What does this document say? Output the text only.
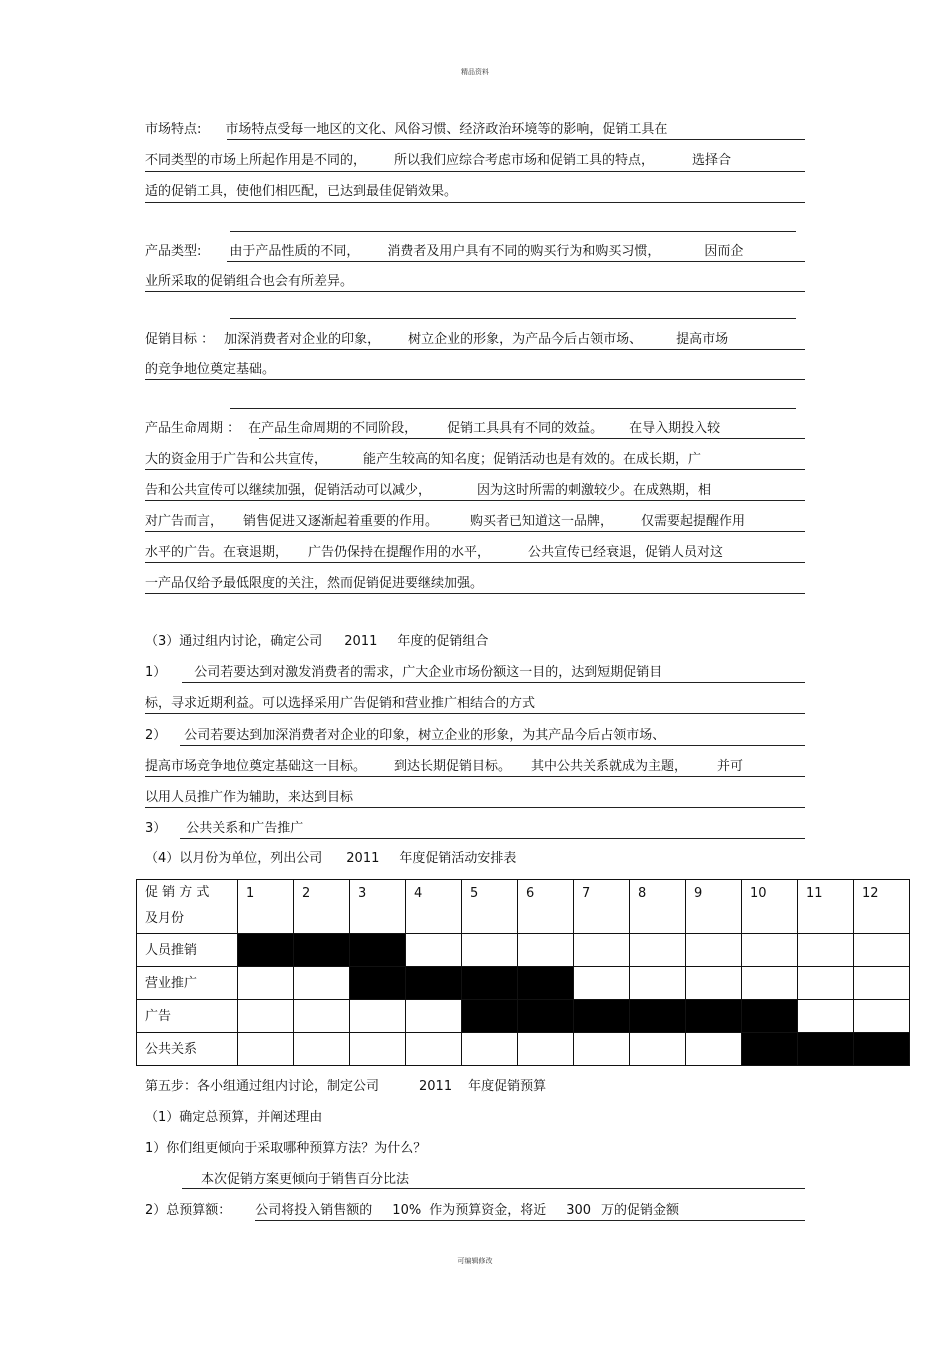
精品资料
市场特点: 市场特点受每一地区的文化、风俗习惯、经济政治环境等的影响，促销工具在
不同类型的市场上所起作用是不同的， 所以我们应综合考虑市场和促销工具的特点，	选择合
适的促销工具，使他们相匹配，已达到最佳促销效果。
产品类型: 由于产品性质的不同， 消费者及用户具有不同的购买行为和购买习惯，	因而企
业所采取的促销组合也会有所差异。
促销目标 ： 加深消费者对企业的印象， 树立企业的形象，为产品今后占领市场、	提高市场
的竞争地位奠定基础。
产品生命周期 ： 在产品生命周期的不同阶段， 促销工具具有不同的效益。 在导入期投入较
大的资金用于广告和公共宣传，	能产生较高的知名度；促销活动也是有效的。在成长期，广
告和公共宣传可以继续加强，促销活动可以减少，	因为这时所需的刺激较少。在成熟期，相
对广告而言， 销售促进又逐渐起着重要的作用。 购买者已知道这一品牌， 仅需要起提醒作用
水平的广告。在衰退期， 广告仍保持在提醒作用的水平，	公共宣传已经衰退，促销人员对这
一产品仅给予最低限度的关注，然而促销促进要继续加强。
（3）通过组内讨论，确定公司 2011 年度的促销组合
1） 公司若要达到对激发消费者的需求，广大企业市场份额这一目的，达到短期促销目
标，寻求近期利益。可以选择采用广告促销和营业推广相结合的方式
2） 公司若要达到加深消费者对企业的印象，树立企业的形象，为其产品今后占领市场、
提高市场竞争地位奠定基础这一目标。 到达长期促销目标。 其中公共关系就成为主题， 并可
以用人员推广作为辅助，来达到目标
3） 公共关系和广告推广
（4）以月份为单位，列出公司 2011 年度促销活动安排表
促 销 方 式
及月份	1	2	3	4	5	6	7	8	9	10	11	12
人员推销												
营业推广												
广告												
公共关系												
第五步：各小组通过组内讨论，制定公司	2011 年度促销预算
（1）确定总预算，并阐述理由
1）你们组更倾向于采取哪种预算方法？为什么？
本次促销方案更倾向于销售百分比法
2）总预算额： 公司将投入销售额的 10% 作为预算资金，将近 300 万的促销金额
可编辑修改
